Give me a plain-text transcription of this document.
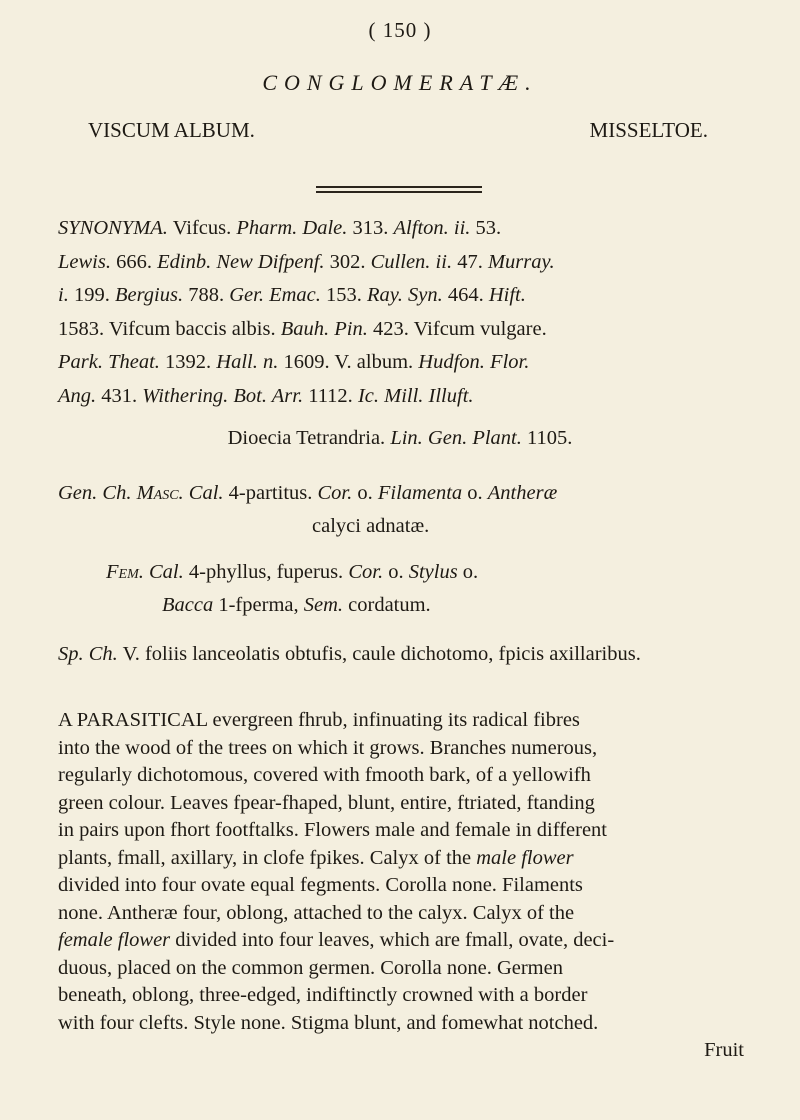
( 150 )
CONGLOMERATÆ.
VISCUM ALBUM.	MISSELTOE.
SYNONYMA. Vifcus. Pharm. Dale. 313. Alfton. ii. 53.
Lewis. 666. Edinb. New Difpenf. 302. Cullen. ii. 47. Murray.
i. 199. Bergius. 788. Ger. Emac. 153. Ray. Syn. 464. Hift.
1583. Vifcum baccis albis. Bauh. Pin. 423. Vifcum vulgare.
Park. Theat. 1392. Hall. n. 1609. V. album. Hudfon. Flor.
Ang. 431. Withering. Bot. Arr. 1112. Ic. Mill. Illuft.
Dioecia Tetrandria. Lin. Gen. Plant. 1105.
Gen. Ch. Masc. Cal. 4-partitus. Cor. o. Filamenta o. Antheræ
calyci adnatæ.
Fem. Cal. 4-phyllus, fuperus. Cor. o. Stylus o.
Bacca 1-fperma, Sem. cordatum.
Sp. Ch. V. foliis lanceolatis obtufis, caule dichotomo, fpicis axillaribus.
A PARASITICAL evergreen fhrub, infinuating its radical fibres
into the wood of the trees on which it grows. Branches numerous,
regularly dichotomous, covered with fmooth bark, of a yellowifh
green colour. Leaves fpear-fhaped, blunt, entire, ftriated, ftanding
in pairs upon fhort footftalks. Flowers male and female in different
plants, fmall, axillary, in clofe fpikes. Calyx of the male flower
divided into four ovate equal fegments. Corolla none. Filaments
none. Antheræ four, oblong, attached to the calyx. Calyx of the
female flower divided into four leaves, which are fmall, ovate, deci-
duous, placed on the common germen. Corolla none. Germen
beneath, oblong, three-edged, indiftinctly crowned with a border
with four clefts. Style none. Stigma blunt, and fomewhat notched.
Fruit
